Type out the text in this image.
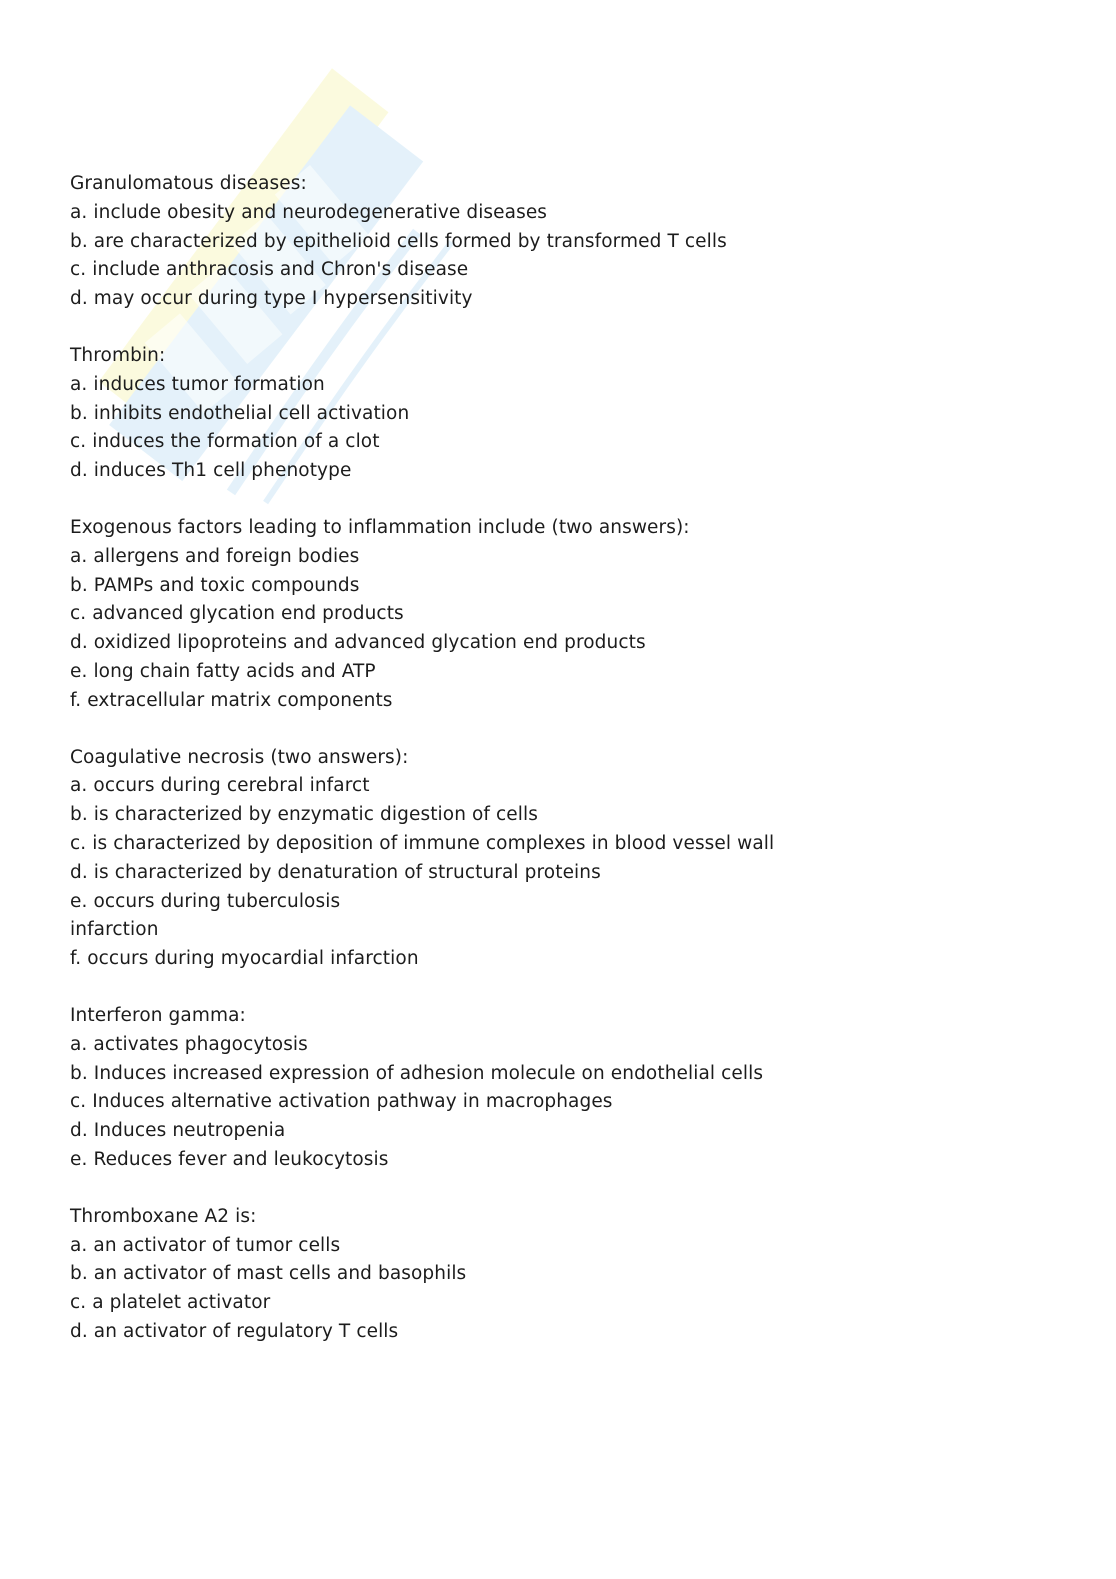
Granulomatous diseases:
a. include obesity and neurodegenerative diseases
b. are characterized by epithelioid cells formed by transformed T cells
c. include anthracosis and Chron's disease
d. may occur during type I hypersensitivity
Thrombin:
a. induces tumor formation
b. inhibits endothelial cell activation
c. induces the formation of a clot
d. induces Th1 cell phenotype
Exogenous factors leading to inflammation include (two answers):
a. allergens and foreign bodies
b. PAMPs and toxic compounds
c. advanced glycation end products
d. oxidized lipoproteins and advanced glycation end products
e. long chain fatty acids and ATP
f. extracellular matrix components
Coagulative necrosis (two answers):
a. occurs during cerebral infarct
b. is characterized by enzymatic digestion of cells
c. is characterized by deposition of immune complexes in blood vessel wall
d. is characterized by denaturation of structural proteins
e. occurs during tuberculosis
infarction
f. occurs during myocardial infarction
Interferon gamma:
a. activates phagocytosis
b. Induces increased expression of adhesion molecule on endothelial cells
c. Induces alternative activation pathway in macrophages
d. Induces neutropenia
e. Reduces fever and leukocytosis
Thromboxane A2 is:
a. an activator of tumor cells
b. an activator of mast cells and basophils
c. a platelet activator
d. an activator of regulatory T cells
